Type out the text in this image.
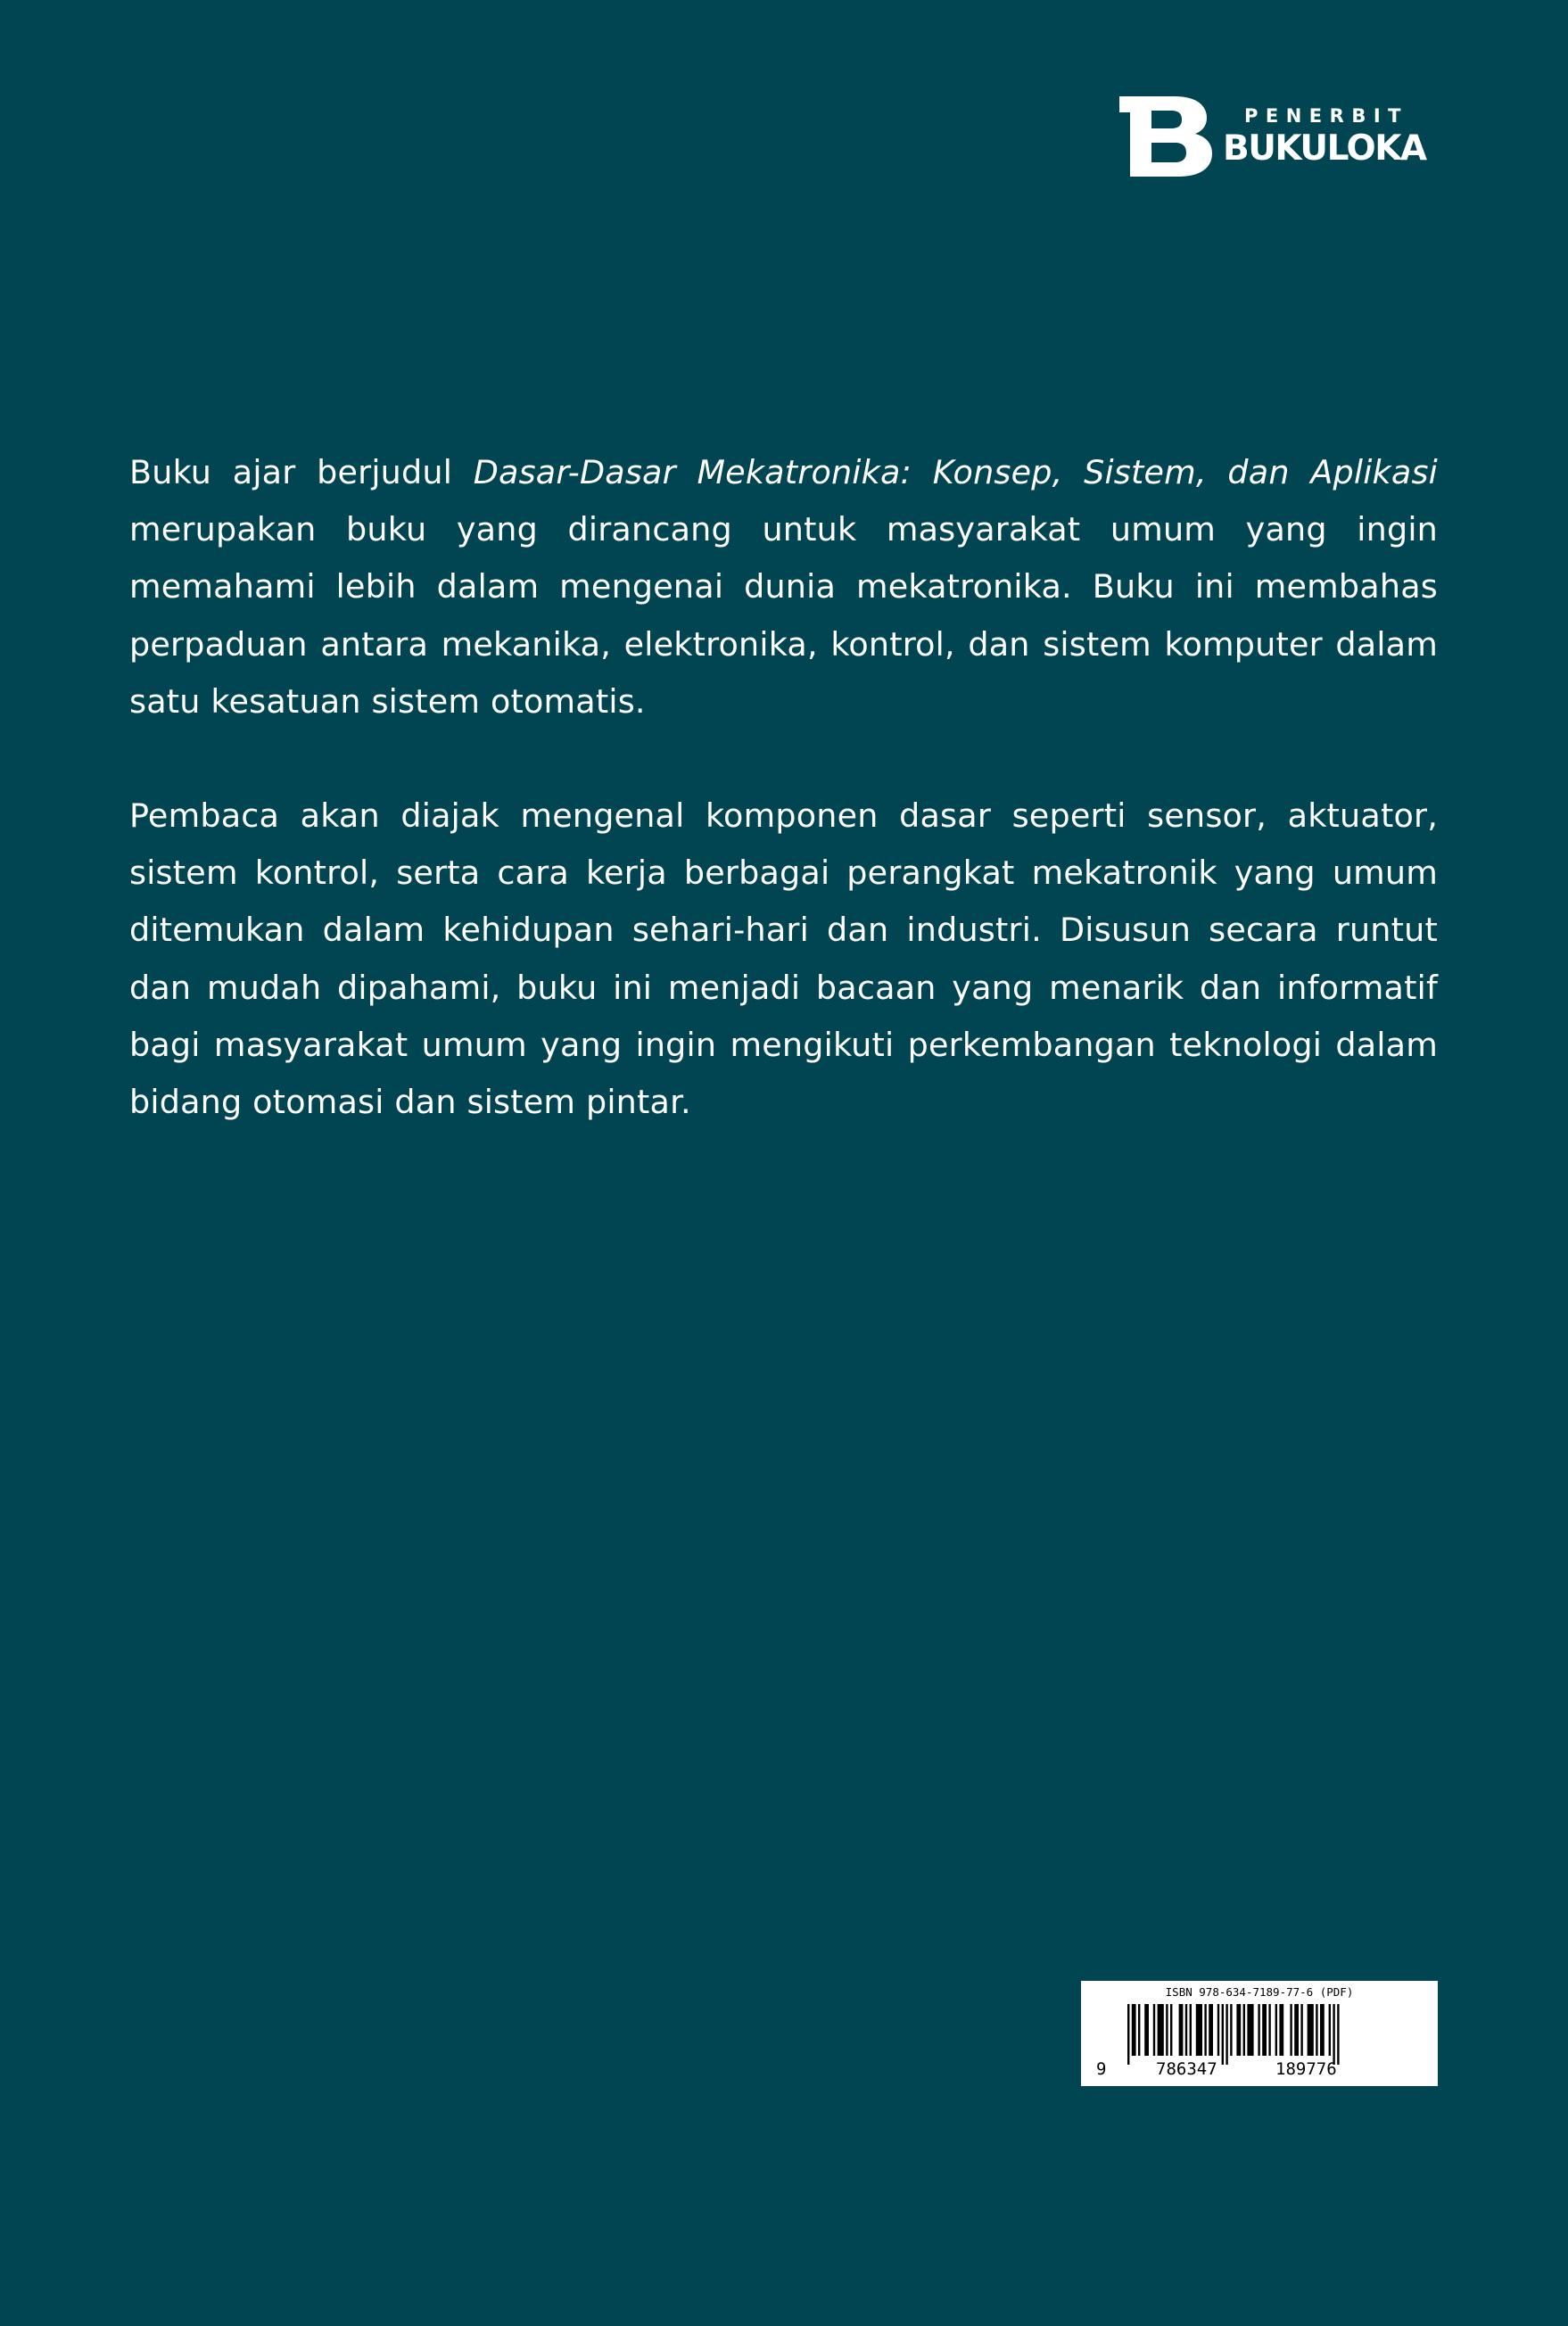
PENERBIT
BUKULOKA

Buku ajar berjudul Dasar-Dasar Mekatronika: Konsep, Sistem, dan Aplikasi merupakan buku yang dirancang untuk masyarakat umum yang ingin memahami lebih dalam mengenai dunia mekatronika. Buku ini membahas perpaduan antara mekanika, elektronika, kontrol, dan sistem komputer dalam satu kesatuan sistem otomatis.

Pembaca akan diajak mengenal komponen dasar seperti sensor, aktuator, sistem kontrol, serta cara kerja berbagai perangkat mekatronik yang umum ditemukan dalam kehidupan sehari-hari dan industri. Disusun secara runtut dan mudah dipahami, buku ini menjadi bacaan yang menarik dan informatif bagi masyarakat umum yang ingin mengikuti perkembangan teknologi dalam bidang otomasi dan sistem pintar.

ISBN 978-634-7189-77-6 (PDF)
9	786347	189776
